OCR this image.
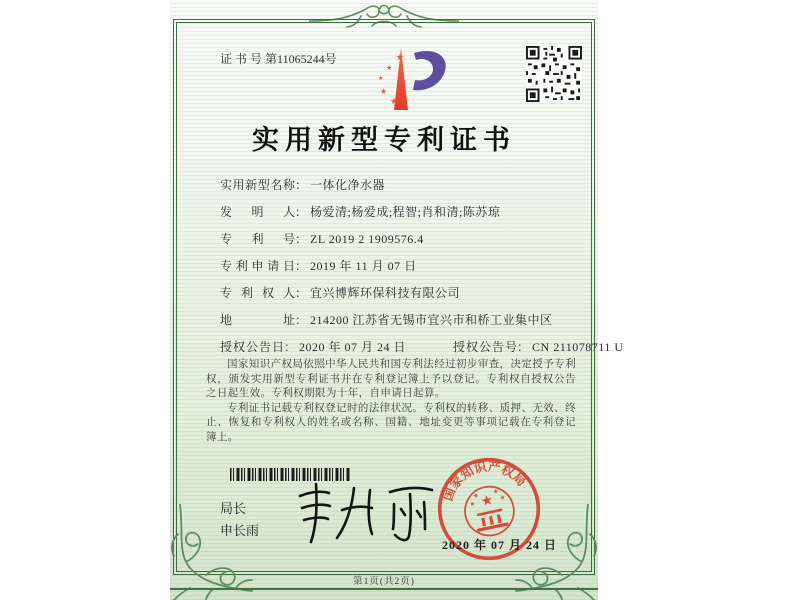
证书号第11065244号	★
★
★
★
★
实用新型专利证书
实用新型名称： 一体化净水器
发明人： 杨爱清;杨爱成;程智;肖和清;陈苏琼
专利号： ZL 2019 2 1909576.4
专利申请日： 2019 年 11 月 07 日
专利权人： 宜兴博辉环保科技有限公司
地址： 214200 江苏省无锡市宜兴市和桥工业集中区
授权公告日： 2020 年 07 月 24 日	授权公告号： CN 211078711 U

国家知识产权局依照中华人民共和国专利法经过初步审查，决定授予专利权，颁发实用新型专利证书并在专利登记簿上予以登记。专利权自授权公告之日起生效。专利权期限为十年，自申请日起算。

专利证书记载专利权登记时的法律状况。专利权的转移、质押、无效、终止、恢复和专利权人的姓名或名称、国籍、地址变更等事项记载在专利登记簿上。

局长
申长雨
国家知识产权局
★
★
★
★
★
2020 年 07 月 24 日
第1页(共2页)
